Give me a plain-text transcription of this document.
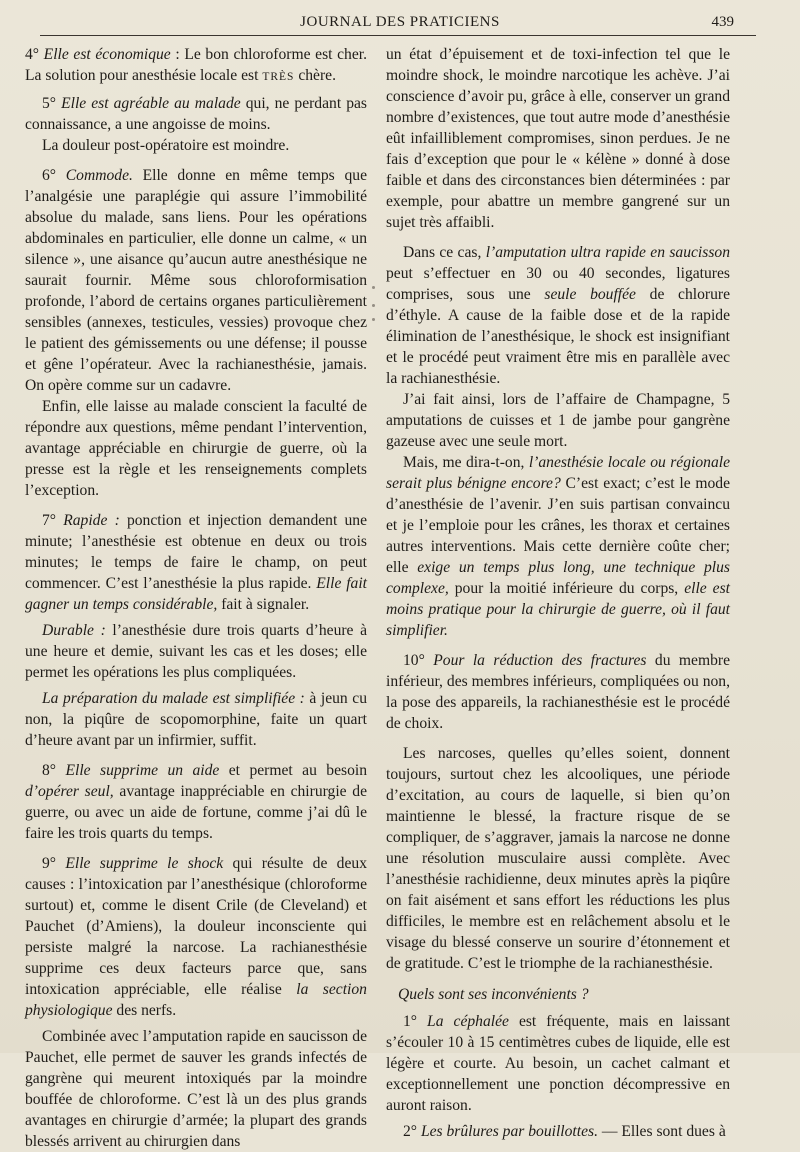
JOURNAL DES PRATICIENS	439

4° Elle est économique : Le bon chloroforme est cher. La solution pour anesthésie locale est TRÈS chère.

5° Elle est agréable au malade qui, ne perdant pas connaissance, a une angoisse de moins.

La douleur post-opératoire est moindre.

6° Commode. Elle donne en même temps que l’analgésie une paraplégie qui assure l’immobilité absolue du malade, sans liens. Pour les opérations abdominales en particulier, elle donne un calme, « un silence », une aisance qu’aucun autre anesthésique ne saurait fournir. Même sous chloroformisation profonde, l’abord de certains organes particulièrement sensibles (annexes, testicules, vessies) provoque chez le patient des gémissements ou une défense; il pousse et gêne l’opérateur. Avec la rachianesthésie, jamais. On opère comme sur un cadavre.

Enfin, elle laisse au malade conscient la faculté de répondre aux questions, même pendant l’intervention, avantage appréciable en chirurgie de guerre, où la presse est la règle et les renseignements complets l’exception.

7° Rapide : ponction et injection demandent une minute; l’anesthésie est obtenue en deux ou trois minutes; le temps de faire le champ, on peut commencer. C’est l’anesthésie la plus rapide. Elle fait gagner un temps considérable, fait à signaler.

Durable : l’anesthésie dure trois quarts d’heure à une heure et demie, suivant les cas et les doses; elle permet les opérations les plus compliquées.

La préparation du malade est simplifiée : à jeun cu non, la piqûre de scopomorphine, faite un quart d’heure avant par un infirmier, suffit.

8° Elle supprime un aide et permet au besoin d’opérer seul, avantage inappréciable en chirurgie de guerre, ou avec un aide de fortune, comme j’ai dû le faire les trois quarts du temps.

9° Elle supprime le shock qui résulte de deux causes : l’intoxication par l’anesthésique (chloroforme surtout) et, comme le disent Crile (de Cleveland) et Pauchet (d’Amiens), la douleur inconsciente qui persiste malgré la narcose. La rachianesthésie supprime ces deux facteurs parce que, sans intoxication appréciable, elle réalise la section physiologique des nerfs.

Combinée avec l’amputation rapide en saucisson de Pauchet, elle permet de sauver les grands infectés de gangrène qui meurent intoxiqués par la moindre bouffée de chloroforme. C’est là un des plus grands avantages en chirurgie d’armée; la plupart des grands blessés arrivent au chirurgien dans

un état d’épuisement et de toxi-infection tel que le moindre shock, le moindre narcotique les achève. J’ai conscience d’avoir pu, grâce à elle, conserver un grand nombre d’existences, que tout autre mode d’anesthésie eût infailliblement compromises, sinon perdues. Je ne fais d’exception que pour le « kélène » donné à dose faible et dans des circonstances bien déterminées : par exemple, pour abattre un membre gangrené sur un sujet très affaibli.

Dans ce cas, l’amputation ultra rapide en saucisson peut s’effectuer en 30 ou 40 secondes, ligatures comprises, sous une seule bouffée de chlorure d’éthyle. A cause de la faible dose et de la rapide élimination de l’anesthésique, le shock est insignifiant et le procédé peut vraiment être mis en parallèle avec la rachianesthésie.

J’ai fait ainsi, lors de l’affaire de Champagne, 5 amputations de cuisses et 1 de jambe pour gangrène gazeuse avec une seule mort.

Mais, me dira-t-on, l’anesthésie locale ou régionale serait plus bénigne encore? C’est exact; c’est le mode d’anesthésie de l’avenir. J’en suis partisan convaincu et je l’emploie pour les crânes, les thorax et certaines autres interventions. Mais cette dernière coûte cher; elle exige un temps plus long, une technique plus complexe, pour la moitié inférieure du corps, elle est moins pratique pour la chirurgie de guerre, où il faut simplifier.

10° Pour la réduction des fractures du membre inférieur, des membres inférieurs, compliquées ou non, la pose des appareils, la rachianesthésie est le procédé de choix.

Les narcoses, quelles qu’elles soient, donnent toujours, surtout chez les alcooliques, une période d’excitation, au cours de laquelle, si bien qu’on maintienne le blessé, la fracture risque de se compliquer, de s’aggraver, jamais la narcose ne donne une résolution musculaire aussi complète. Avec l’anesthésie rachidienne, deux minutes après la piqûre on fait aisément et sans effort les réductions les plus difficiles, le membre est en relâchement absolu et le visage du blessé conserve un sourire d’étonnement et de gratitude. C’est le triomphe de la rachianesthésie.

Quels sont ses inconvénients ?

1° La céphalée est fréquente, mais en laissant s’écouler 10 à 15 centimètres cubes de liquide, elle est légère et courte. Au besoin, un cachet calmant et exceptionnellement une ponction décompressive en auront raison.

2° Les brûlures par bouillottes. — Elles sont dues à
